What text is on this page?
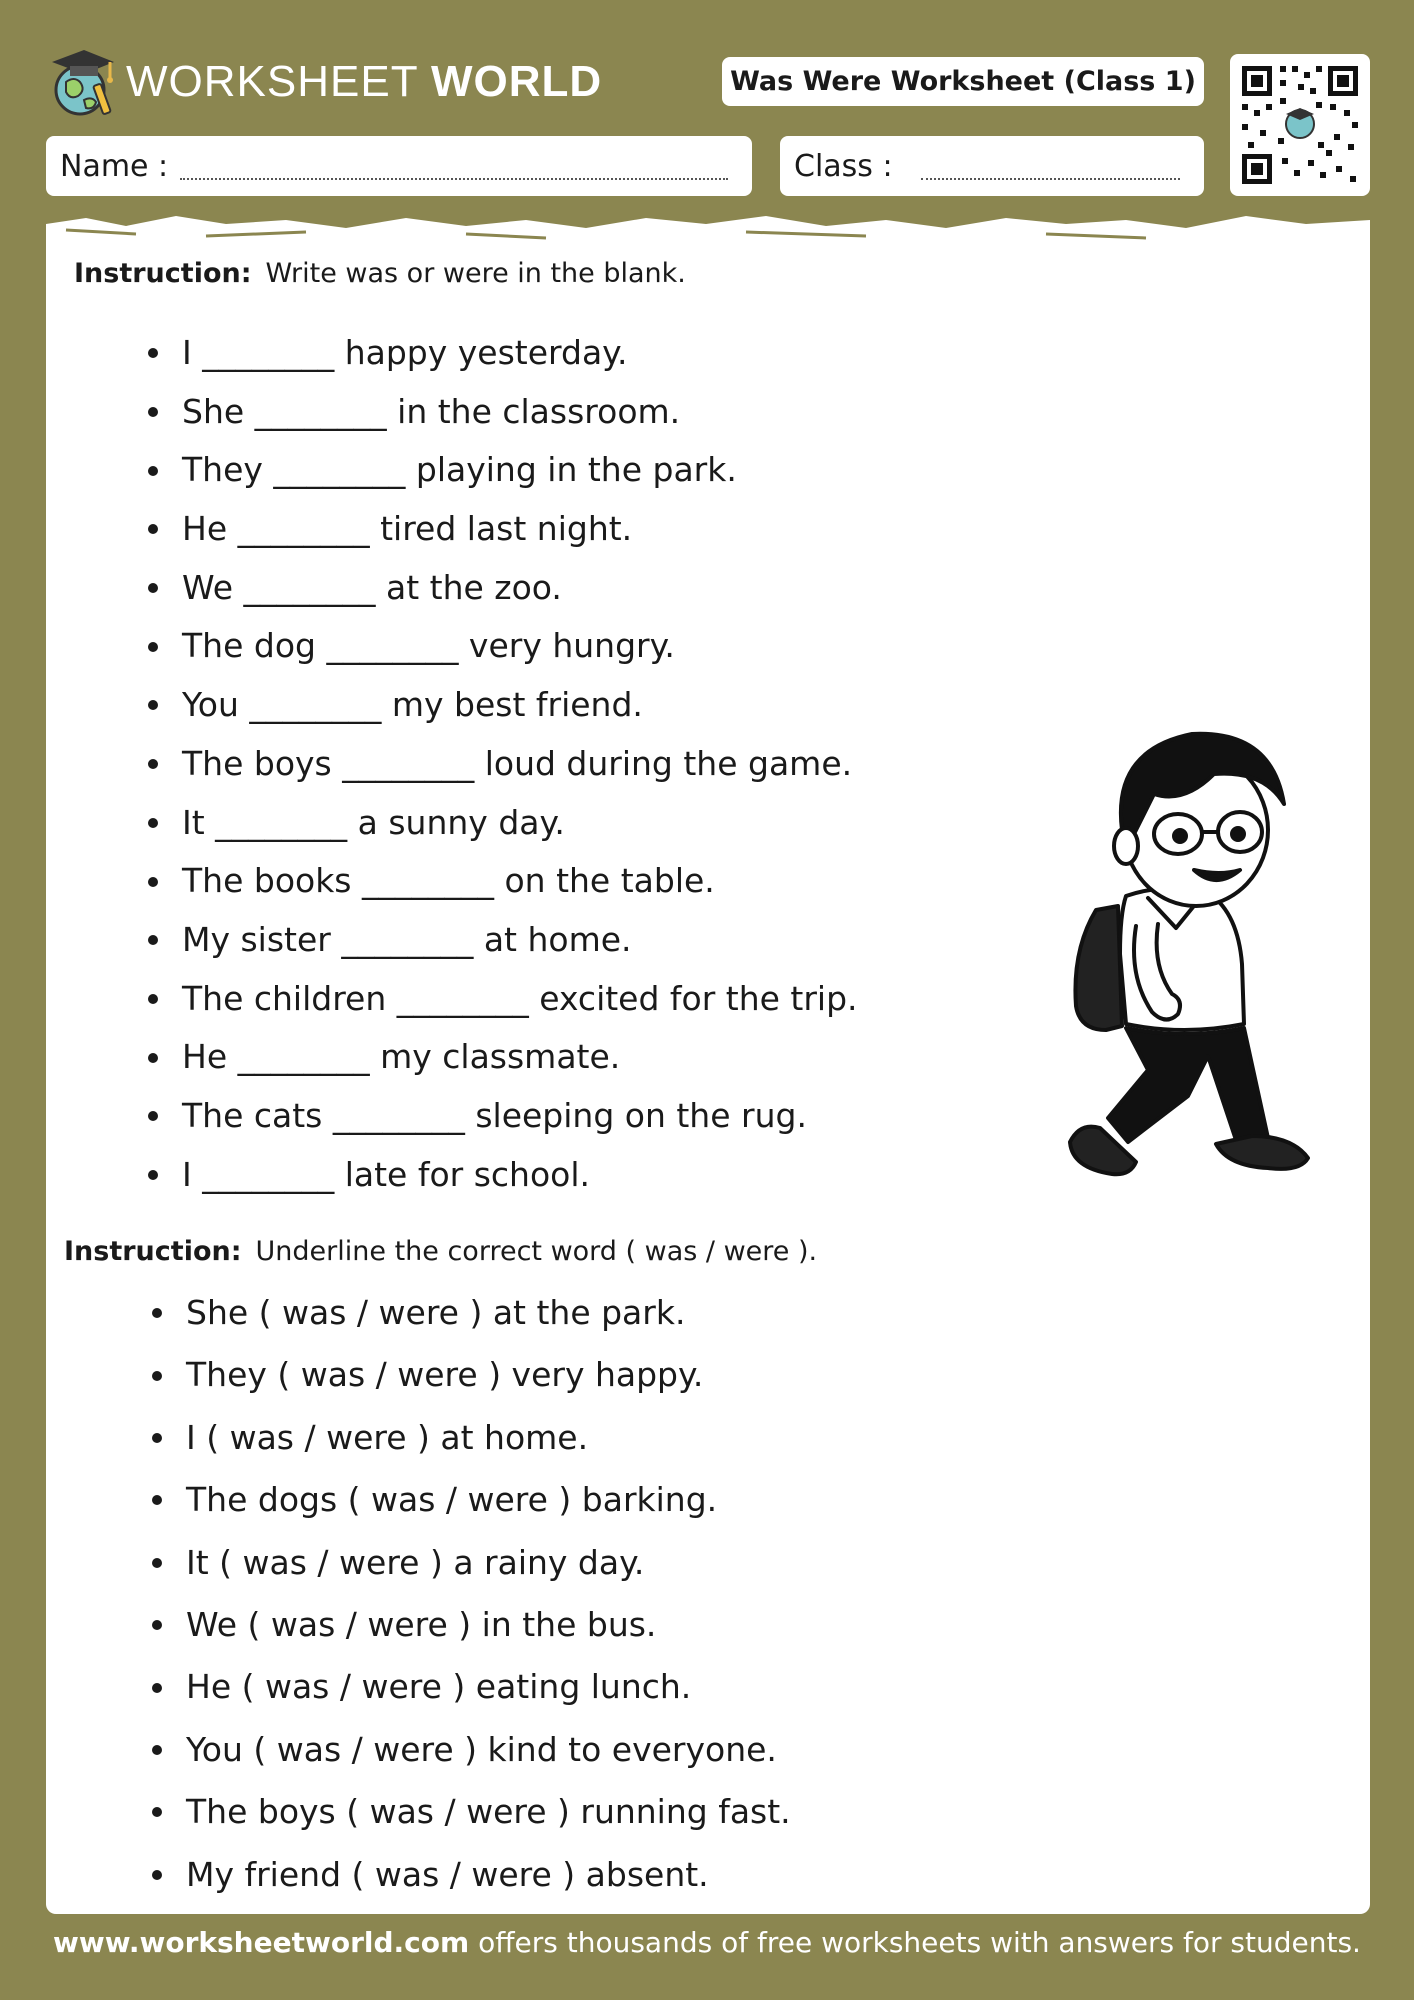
WORKSHEET WORLD	Was Were Worksheet (Class 1)
Name :	Class :
Instruction: Write was or were in the blank.
I ________ happy yesterday.
She ________ in the classroom.
They ________ playing in the park.
He ________ tired last night.
We ________ at the zoo.
The dog ________ very hungry.
You ________ my best friend.
The boys ________ loud during the game.
It ________ a sunny day.
The books ________ on the table.
My sister ________ at home.
The children ________ excited for the trip.
He ________ my classmate.
The cats ________ sleeping on the rug.
I ________ late for school.
Instruction: Underline the correct word ( was / were ).
She ( was / were ) at the park.
They ( was / were ) very happy.
I ( was / were ) at home.
The dogs ( was / were ) barking.
It ( was / were ) a rainy day.
We ( was / were ) in the bus.
He ( was / were ) eating lunch.
You ( was / were ) kind to everyone.
The boys ( was / were ) running fast.
My friend ( was / were ) absent.
www.worksheetworld.com offers thousands of free worksheets with answers for students.
